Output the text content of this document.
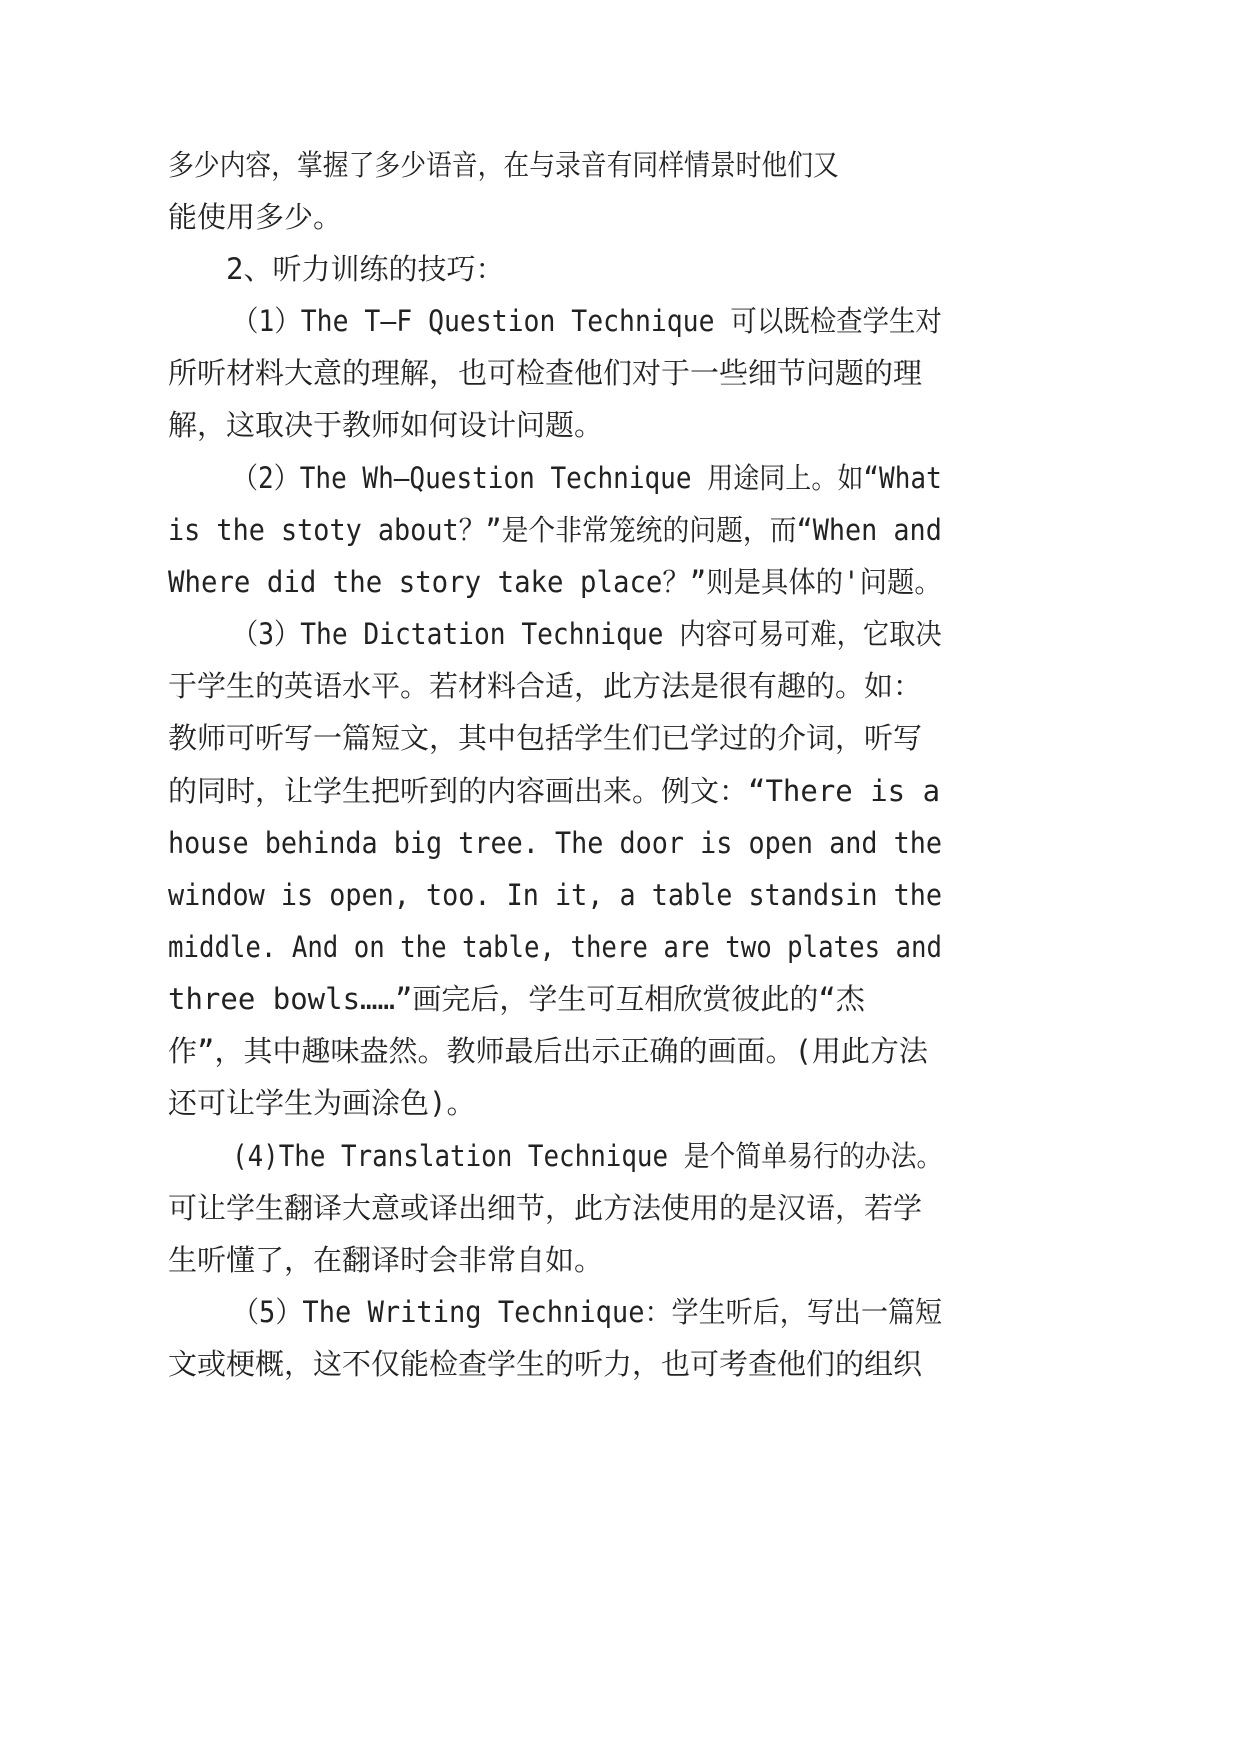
多少内容，掌握了多少语音，在与录音有同样情景时他们又
能使用多少。
2、听力训练的技巧：
（1）The T—F Question Technique 可以既检查学生对
所听材料大意的理解，也可检查他们对于一些细节问题的理
解，这取决于教师如何设计问题。
（2）The Wh—Question Technique 用途同上。如“What
is the stoty about？”是个非常笼统的问题，而“When and
Where did the story take place？”则是具体的'问题。
（3）The Dictation Technique 内容可易可难，它取决
于学生的英语水平。若材料合适，此方法是很有趣的。如：
教师可听写一篇短文，其中包括学生们已学过的介词，听写
的同时，让学生把听到的内容画出来。例文：“There is a
house behinda big tree. The door is open and the
window is open, too. In it, a table standsin the
middle. And on the table, there are two plates and
three bowls……”画完后，学生可互相欣赏彼此的“杰
作”，其中趣味盎然。教师最后出示正确的画面。(用此方法
还可让学生为画涂色)。
(4)The Translation Technique 是个简单易行的办法。
可让学生翻译大意或译出细节，此方法使用的是汉语，若学
生听懂了，在翻译时会非常自如。
（5）The Writing Technique：学生听后，写出一篇短
文或梗概，这不仅能检查学生的听力，也可考查他们的组织
